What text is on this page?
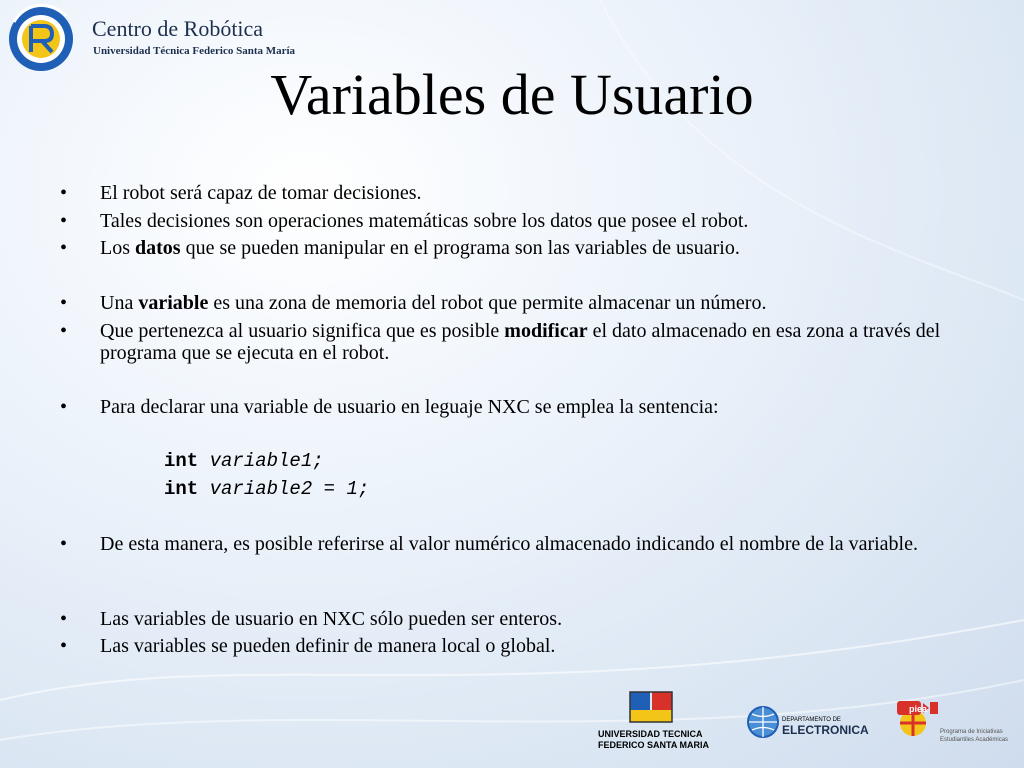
Centro de Robótica
Universidad Técnica Federico Santa María
Variables de Usuario
• El robot será capaz de tomar decisiones.
• Tales decisiones son operaciones matemáticas sobre los datos que posee el robot.
• Los datos que se pueden manipular en el programa son las variables de usuario.
• Una variable es una zona de memoria del robot que permite almacenar un número.
• Que pertenezca al usuario significa que es posible modificar el dato almacenado en esa zona a través del programa que se ejecuta en el robot.
• Para declarar una variable de usuario en leguaje NXC se emplea la sentencia:
int variable1;
int variable2 = 1;
• De esta manera, es posible referirse al valor numérico almacenado indicando el nombre de la variable.
• Las variables de usuario en NXC sólo pueden ser enteros.
• Las variables se pueden definir de manera local o global.
UNIVERSIDAD TECNICA
FEDERICO SANTA MARIA
DEPARTAMENTO DE
ELECTRONICA
piea
Programa de Iniciativas
Estudiantiles Académicas
